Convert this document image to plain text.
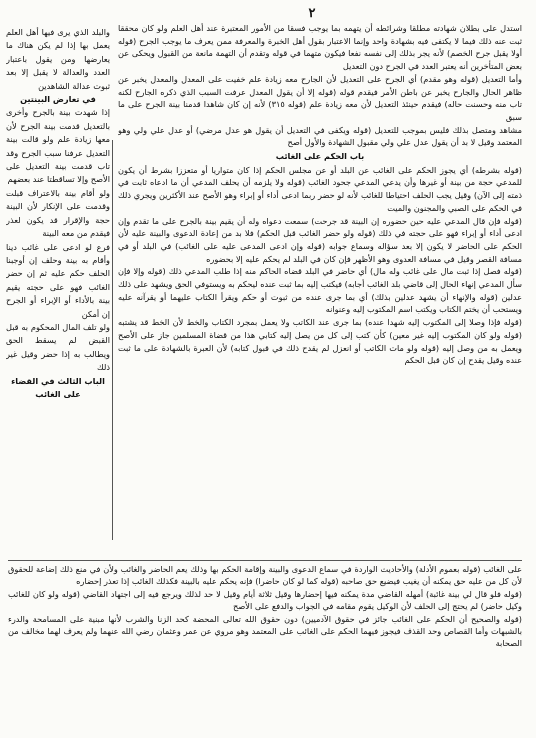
٢

استدل على بطلان شهادته مطلقا وشرائطه أن يتهمه بما يوجب فسقا من الأمور المعتبرة عند أهل العلم ولو كان محققا ثبت عنه ذلك فيما لا يكتفى فيه بشهادة واحد وإنما الاعتبار بقول أهل الخبرة والمعرفة ممن يعرف ما يوجب الجرح (قوله أولا يقبل جرح الخصم) لأنه يجر بذلك إلى نفسه نفعا فيكون متهما في قوله وتقدم أن التهمة مانعة من القبول ويحكى عن بعض المتأخرين أنه يعتبر العدد في الجرح دون التعديل

وأما التعديل (قوله وهو مقدم) أي الجرح على التعديل لأن الجارح معه زيادة علم خفيت على المعدل والمعدل يخبر عن ظاهر الحال والجارح يخبر عن باطن الأمر فيقدم قوله (قوله إلا أن يقول المعدل عرفت السبب الذي ذكره الجارح لكنه تاب منه وحسنت حاله) فيقدم حينئذ التعديل لأن معه زيادة علم (قوله ٣١٥) لأنه إن كان شاهدا قدمنا بينة الجرح على ما سبق

مشاهد ومتصل بذلك فليس بموجب للتعديل (قوله ويكفى في التعديل أن يقول هو عدل مرضي) أو عدل علي ولي وهو المعتمد وقيل لا بد أن يقول عدل علي ولي مقبول الشهادة والأول أصح

باب الحكم على الغائب

(قوله بشرطه) أي يجوز الحكم على الغائب عن البلد أو عن مجلس الحكم إذا كان متواريا أو متعززا بشرط أن يكون للمدعي حجة من بينة أو غيرها وأن يدعي المدعي جحود الغائب (قوله ولا يلزمه أن يحلف المدعي أن ما ادعاه ثابت في ذمته إلى الآن) وقيل يجب الحلف احتياطا للغائب لأنه لو حضر ربما ادعى أداء أو إبراء وهو الأصح عند الأكثرين ويجري ذلك في الحكم على الصبي والمجنون والميت

(قوله فإن قال المدعي عليه حين حضوره إن البينة قد جرحت) سمعت دعواه وله أن يقيم بينة بالجرح على ما تقدم وإن ادعى أداء أو إبراء فهو على حجته في ذلك (قوله ولو حضر الغائب قبل الحكم) فلا بد من إعادة الدعوى والبينة عليه لأن الحكم على الحاضر لا يكون إلا بعد سؤاله وسماع جوابه (قوله وإن ادعى المدعى عليه على الغائب) في البلد أو في مسافة القصر وقيل في مسافة العدوى وهو الأظهر فإن كان في البلد لم يحكم عليه إلا بحضوره

(قوله فصل إذا ثبت مال على غائب وله مال) أي حاضر في البلد قضاه الحاكم منه إذا طلب المدعي ذلك (قوله وإلا فإن سأل المدعي إنهاء الحال إلى قاضي بلد الغائب أجابه) فيكتب إليه بما ثبت عنده ليحكم به ويستوفي الحق ويشهد على ذلك عدلين (قوله والإنهاء أن يشهد عدلين بذلك) أي بما جرى عنده من ثبوت أو حكم ويقرأ الكتاب عليهما أو يقرآنه عليه ويستحب أن يختم الكتاب ويكتب اسم المكتوب إليه وعنوانه

(قوله فإذا وصلا إلى المكتوب إليه شهدا عنده) بما جرى عند الكاتب ولا يعمل بمجرد الكتاب والخط لأن الخط قد يشتبه (قوله ولو كان المكتوب إليه غير معين) كأن كتب إلى كل من يصل إليه كتابي هذا من قضاة المسلمين جاز على الأصح ويعمل به من وصل إليه (قوله ولو مات الكاتب أو انعزل لم يقدح ذلك في قبول كتابه) لأن العبرة بالشهادة على ما ثبت عنده وقيل يقدح إن كان قبل الحكم

والبلد الذي يرى فيها أهل العلم يعمل بها إذا لم يكن هناك ما يعارضها ومن يقول باعتبار العدد والعدالة لا يقبل إلا بعد ثبوت عدالة الشاهدين

في تعارض البينتين

إذا شهدت بينة بالجرح وأخرى بالتعديل قدمت بينة الجرح لأن معها زيادة علم ولو قالت بينة التعديل عرفنا سبب الجرح وقد تاب قدمت بينة التعديل على الأصح وإلا تساقطتا عند بعضهم

ولو أقام بينة بالاعتراف قبلت وقدمت على الإنكار لأن البينة حجة والإقرار قد يكون لعذر فيقدم من معه البينة

فرع لو ادعى على غائب دينا وأقام به بينة وحلف إن أوجبنا الحلف حكم عليه ثم إن حضر الغائب فهو على حجته يقيم بينة بالأداء أو الإبراء أو الجرح إن أمكن

ولو تلف المال المحكوم به قبل القبض لم يسقط الحق ويطالب به إذا حضر وقيل غير ذلك

الباب الثالث في القضاء على الغائب

على الغائب (قوله بعموم الأدلة) والأحاديث الواردة في سماع الدعوى والبينة وإقامة الحكم بها وذلك يعم الحاضر والغائب ولأن في منع ذلك إضاعة للحقوق لأن كل من عليه حق يمكنه أن يغيب فيضيع حق صاحبه (قوله كما لو كان حاضرا) فإنه يحكم عليه بالبينة فكذلك الغائب إذا تعذر إحضاره

(قوله فلو قال لي بينة غائبة) أمهله القاضي مدة يمكنه فيها إحضارها وقيل ثلاثة أيام وقيل لا حد لذلك ويرجع فيه إلى اجتهاد القاضي (قوله ولو كان للغائب وكيل حاضر) لم يحتج إلى الحلف لأن الوكيل يقوم مقامه في الجواب والدفع على الأصح

(قوله والصحيح أن الحكم على الغائب جائز في حقوق الآدميين) دون حقوق الله تعالى المحضة كحد الزنا والشرب لأنها مبنية على المسامحة والدرء بالشبهات وأما القصاص وحد القذف فيجوز فيهما الحكم على الغائب على المعتمد وهو مروي عن عمر وعثمان رضي الله عنهما ولم يعرف لهما مخالف من الصحابة
